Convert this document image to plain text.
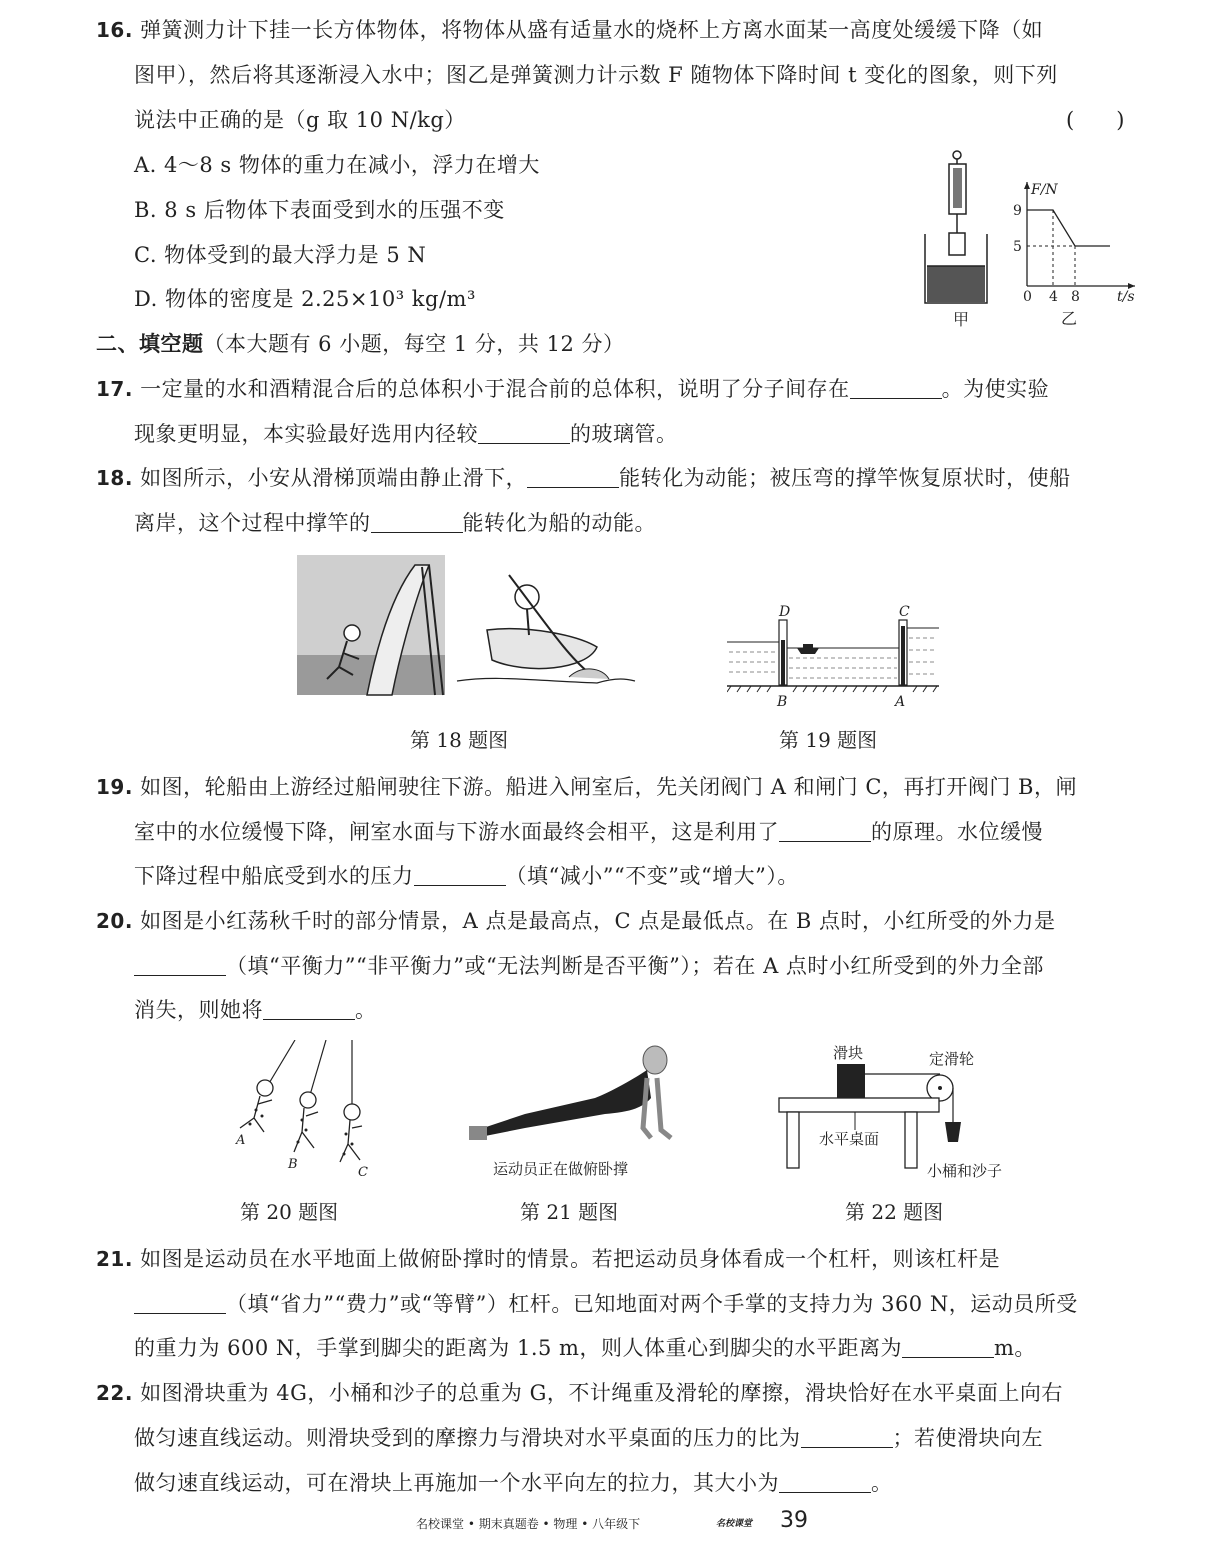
16. 弹簧测力计下挂一长方体物体，将物体从盛有适量水的烧杯上方离水面某一高度处缓缓下降（如
图甲），然后将其逐渐浸入水中；图乙是弹簧测力计示数 F 随物体下降时间 t 变化的图象，则下列
说法中正确的是（g 取 10 N/kg）	(　　)
A. 4～8 s 物体的重力在减小，浮力在增大
B. 8 s 后物体下表面受到水的压强不变
C. 物体受到的最大浮力是 5 N
D. 物体的密度是 2.25×10³ kg/m³
甲
F/N
9
5
0 4 8	t/s
乙
二、填空题（本大题有 6 小题，每空 1 分，共 12 分）
17. 一定量的水和酒精混合后的总体积小于混合前的总体积，说明了分子间存在	。为使实验
现象更明显，本实验最好选用内径较	的玻璃管。
18. 如图所示，小安从滑梯顶端由静止滑下，	能转化为动能；被压弯的撑竿恢复原状时，使船
离岸，这个过程中撑竿的	能转化为船的动能。
D	C
B	A
第 18 题图	第 19 题图
19. 如图，轮船由上游经过船闸驶往下游。船进入闸室后，先关闭阀门 A 和闸门 C，再打开阀门 B，闸
室中的水位缓慢下降，闸室水面与下游水面最终会相平，这是利用了	的原理。水位缓慢
下降过程中船底受到水的压力	（填“减小”“不变”或“增大”）。
20. 如图是小红荡秋千时的部分情景，A 点是最高点，C 点是最低点。在 B 点时，小红所受的外力是
（填“平衡力”“非平衡力”或“无法判断是否平衡”）；若在 A 点时小红所受到的外力全部
消失，则她将	。
A
B
C	运动员正在做俯卧撑
滑块	定滑轮
水平桌面
小桶和沙子
第 20 题图	第 21 题图	第 22 题图
21. 如图是运动员在水平地面上做俯卧撑时的情景。若把运动员身体看成一个杠杆，则该杠杆是
（填“省力”“费力”或“等臂”）杠杆。已知地面对两个手掌的支持力为 360 N，运动员所受
的重力为 600 N，手掌到脚尖的距离为 1.5 m，则人体重心到脚尖的水平距离为	m。
22. 如图滑块重为 4G，小桶和沙子的总重为 G，不计绳重及滑轮的摩擦，滑块恰好在水平桌面上向右
做匀速直线运动。则滑块受到的摩擦力与滑块对水平桌面的压力的比为	；若使滑块向左
做匀速直线运动，可在滑块上再施加一个水平向左的拉力，其大小为	。
名校课堂 • 期末真题卷 • 物理 • 八年级下	名校课堂 39
